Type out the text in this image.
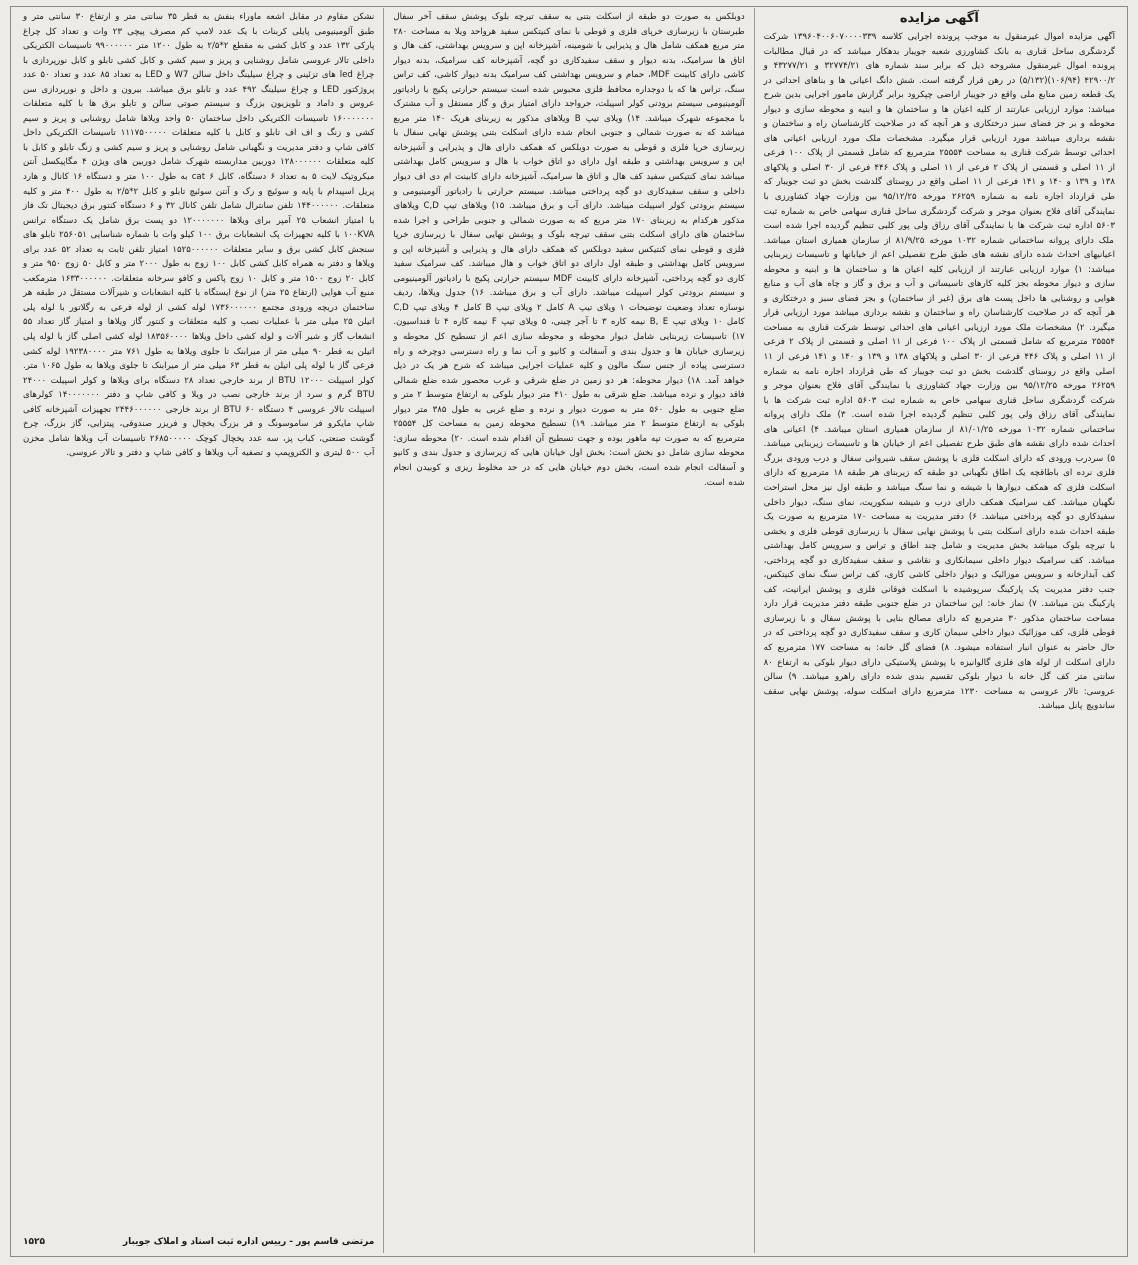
آگهی مزایده
آگهی مزایده اموال غیرمنقول به موجب پرونده اجرایی کلاسه ۱۳۹۶۰۴۰۰۶۰۷۰۰۰۰۳۳۹ شرکت گردشگری ساحل قناری به بانک کشاورزی شعبه جویبار بدهکار میباشد که در قبال مطالبات پرونده اموال غیرمنقول مشروحه ذیل که برابر سند شماره های ۳۲۷۷۴/۲۱ و ۴۳۲۷۷/۲۱ و ۴۲۹۰۰/۲ (۱۰۶/۹۴)(۵/۱۳۲) در رهن قرار گرفته است. شش دانگ اعیانی ها و بناهای احداثی در یک قطعه زمین منابع ملی واقع در جویبار اراضی چپکرود برابر گزارش مامور اجرایی بدین شرح میباشد: موارد ارزیابی عبارتند از کلیه اعیان ها و ساختمان ها و ابنیه و محوطه سازی و دیوار محوطه و بر جز فضای سبز درختکاری و هر آنچه که در صلاحیت کارشناسان راه و ساختمان و نقشه برداری میباشد مورد ارزیابی قرار میگیرد. مشخصات ملک مورد ارزیابی اعیانی های احداثی توسط شرکت قناری به مساحت ۲۵۵۵۴ مترمربع که شامل قسمتی از پلاک ۱۰۰ فرعی از ۱۱ اصلی و قسمتی از پلاک ۲ فرعی از ۱۱ اصلی و پلاک ۴۴۶ فرعی از ۳۰ اصلی و پلاکهای ۱۳۸ و ۱۳۹ و ۱۴۰ و ۱۴۱ فرعی از ۱۱ اصلی واقع در روستای گلدشت بخش دو ثبت جویبار که طی قرارداد اجاره نامه به شماره ۲۶۲۵۹ مورخه ۹۵/۱۲/۲۵ بین وزارت جهاد کشاورزی با نمایندگی آقای فلاح بعنوان موجر و شرکت گردشگری ساحل قناری سهامی خاص به شماره ثبت ۵۶۰۳ اداره ثبت شرکت ها با نمایندگی آقای رزاق ولی پور کلبی تنظیم گردیده اجرا شده است ملک دارای پروانه ساختمانی شماره ۱۰۳۲ مورخه ۸۱/۹/۲۵ از سازمان همیاری استان میباشد. اعیانیهای احداث شده دارای نقشه های طبق طرح تفصیلی اعم از خیابانها و تاسیسات زیربنایی میباشد: ۱) موارد ارزیابی عبارتند از ارزیابی کلیه اعیان ها و ساختمان ها و ابنیه و محوطه سازی و دیوار محوطه بجز کلیه کارهای تاسیساتی و آب و برق و گاز و چاه های آب و منابع هوایی و روشنایی ها داخل پست های برق (غیر از ساختمان) و بجز فضای سبز و درختکاری و هر آنچه که در صلاحیت کارشناسان راه و ساختمان و نقشه برداری میباشد مورد ارزیابی قرار میگیرد. ۲) مشخصات ملک مورد ارزیابی اعیانی های احداثی توسط شرکت قناری به مساحت ۲۵۵۵۴ مترمربع که شامل قسمتی از پلاک ۱۰۰ فرعی از ۱۱ اصلی و قسمتی از پلاک ۲ فرعی از ۱۱ اصلی و پلاک ۴۴۶ فرعی از ۳۰ اصلی و پلاکهای ۱۳۸ و ۱۳۹ و ۱۴۰ و ۱۴۱ فرعی از ۱۱ اصلی واقع در روستای گلدشت بخش دو ثبت جویبار که طی قرارداد اجاره نامه به شماره ۲۶۲۵۹ مورخه ۹۵/۱۲/۲۵ بین وزارت جهاد کشاورزی با نمایندگی آقای فلاح بعنوان موجر و شرکت گردشگری ساحل قناری سهامی خاص به شماره ثبت ۵۶۰۳ اداره ثبت شرکت ها با نمایندگی آقای رزاق ولی پور کلبی تنظیم گردیده اجرا شده است. ۳) ملک دارای پروانه ساختمانی شماره ۱۰۳۲ مورخه ۸۱/۰۱/۲۵ از سازمان همیاری استان میباشد. ۴) اعیانی های احداث شده دارای نقشه های طبق طرح تفصیلی اعم از خیابان ها و تاسیسات زیربنایی میباشد. ۵) سردرب ورودی که دارای اسکلت فلزی با پوشش سقف شیروانی سفال و درب ورودی بزرگ فلزی نرده ای باطاقچه یک اطاق نگهبانی دو طبقه که زیربنای هر طبقه ۱۸ مترمربع که دارای اسکلت فلزی که همکف دیوارها با شیشه و نما سنگ میباشد و طبقه اول نیز محل استراحت نگهبان میباشد. کف سرامیک همکف دارای درب و شیشه سکوریت، نمای سنگ، دیوار داخلی سفیدکاری دو گچه پرداختی میباشد. ۶) دفتر مدیریت به مساحت ۱۷۰ مترمربع به صورت یک طبقه احداث شده دارای اسکلت بتنی با پوشش نهایی سفال با زیرسازی قوطی فلزی و بخشی با تیرچه بلوک میباشد بخش مدیریت و شامل چند اطاق و تراس و سرویس کامل بهداشتی میباشد. کف سرامیک دیوار داخلی سیمانکاری و نقاشی و سقف سفیدکاری دو گچه پرداختی، کف آبدارخانه و سرویس موزائیک و دیوار داخلی کاشی کاری، کف تراس سنگ نمای کنیتکس، جنب دفتر مدیریت یک پارکینگ سرپوشیده با اسکلت فوقانی فلزی و پوشش ایرانیت، کف پارکینگ بتن میباشد. ۷) نماز خانه: این ساختمان در ضلع جنوبی طبقه دفتر مدیریت قرار دارد مساحت ساختمان مذکور ۳۰ مترمربع که دارای مصالح بنایی با پوشش سفال و با زیرسازی قوطی فلزی، کف موزائیک دیوار داخلی سیمان کاری و سقف سفیدکاری دو گچه پرداختی که در حال حاضر به عنوان انبار استفاده میشود. ۸) فضای گل خانه: به مساحت ۱۷۷ مترمربع که دارای اسکلت از لوله های فلزی گالوانیزه با پوشش پلاستیکی دارای دیوار بلوکی به ارتفاع ۸۰ سانتی متر کف گل خانه با دیوار بلوکی تقسیم بندی شده دارای راهرو میباشد. ۹) سالن عروسی: تالار عروسی به مساحت ۱۲۳۰ مترمربع دارای اسکلت سوله، پوشش نهایی سقف ساندویچ پانل میباشد.
دوبلکس به صورت دو طبقه از اسکلت بتنی به سقف تیرچه بلوک پوشش سقف آخر سفال طبرستان با زیرسازی خرپای فلزی و قوطی با نمای کنیتکس سفید هرواحد ویلا به مساحت ۲۸۰ متر مربع همکف شامل هال و پذیرایی با شومینه، آشپزخانه اپن و سرویس بهداشتی، کف هال و اتاق ها سرامیک، بدنه دیوار و سقف سفیدکاری دو گچه، آشپزخانه کف سرامیک، بدنه دیوار کاشی دارای کابینت MDF، حمام و سرویس بهداشتی کف سرامیک بدنه دیوار کاشی، کف تراس سنگ، تراس ها که با دوجداره محافظ فلزی محبوس شده است سیستم حرارتی پکیج با رادیاتور آلومینیومی سیستم برودتی کولر اسپیلت، حرواجد دارای امتیاز برق و گاز مستقل و آب مشترک با مجموعه شهرک میباشد. ۱۴) ویلای تیپ B ویلاهای مذکور به زیربنای هریک ۱۴۰ متر مربع میباشد که به صورت شمالی و جنوبی انجام شده دارای اسکلت بتنی پوشش نهایی سفال با زیرسازی خرپا فلزی و قوطی به صورت دوبلکس که همکف دارای هال و پذیرایی و آشپزخانه اپن و سرویس بهداشتی و طبقه اول دارای دو اتاق خواب با هال و سرویس کامل بهداشتی میباشد نمای کنتیکس سفید کف هال و اتاق ها سرامیک، آشپزخانه دارای کابینت ام دی اف دیوار داخلی و سقف سفیدکاری دو گچه پرداختی میباشد. سیستم حرارتی با رادیاتور آلومینیومی و سیستم برودتی کولر اسپیلت میباشد. دارای آب و برق میباشد. ۱۵) ویلاهای تیپ C,D ویلاهای مذکور هرکدام به زیربنای ۱۷۰ متر مربع که به صورت شمالی و جنوبی طراحی و اجرا شده ساختمان های دارای اسکلت بتنی سقف تیرچه بلوک و پوشش نهایی سفال با زیرسازی خرپا فلزی و قوطی نمای کنتیکس سفید دوبلکس که همکف دارای هال و پذیرایی و آشپزخانه اپن و سرویس کامل بهداشتی و طبقه اول دارای دو اتاق خواب و هال میباشد. کف سرامیک سفید کاری دو گچه پرداختی، آشپزخانه دارای کابینت MDF سیستم حرارتی پکیج با رادیاتور آلومینیومی و سیستم برودتی کولر اسپیلت میباشد. دارای آب و برق میباشد. ۱۶) جدول ویلاها، ردیف نوسازه تعداد وضعیت توضیحات ۱ ویلای تیپ A کامل ۲ ویلای تیپ B کامل ۴ ویلای تیپ C,D کامل ۱۰ ویلای تیپ B, E نیمه کاره ۳ تا آجر چینی، ۵ ویلای تیپ F نیمه کاره ۴ تا فنداسیون. ۱۷) تاسیسات زیربنایی شامل دیوار محوطه و محوطه سازی اعم از تسطیح کل محوطه و زیرسازی خیابان ها و جدول بندی و آسفالت و کانیو و آب نما و راه دسترسی دوچرخه و راه دسترسی پیاده از جنس سنگ مالون و کلیه عملیات اجرایی میباشد که شرح هر یک در ذیل خواهد آمد. ۱۸) دیوار محوطه: هر دو زمین در ضلع شرقی و غرب محصور شده ضلع شمالی فاقد دیوار و نرده میباشد. ضلع شرقی به طول ۴۱۰ متر دیوار بلوکی به ارتفاع متوسط ۲ متر و ضلع جنوبی به طول ۵۶۰ متر به صورت دیوار و نرده و ضلع غربی به طول ۳۸۵ متر دیوار بلوکی به ارتفاع متوسط ۲ متر میباشد. ۱۹) تسطیح محوطه زمین به مساحت کل ۲۵۵۵۴ مترمربع که به صورت تپه ماهور بوده و جهت تسطیح آن اقدام شده است. ۲۰) محوطه سازی: محوطه سازی شامل دو بخش است: بخش اول خیابان هایی که زیرسازی و جدول بندی و کانیو و آسفالت انجام شده است، بخش دوم خیابان هایی که در حد مخلوط ریزی و کوبیدن انجام شده است.
نشکن مقاوم در مقابل اشعه ماوراء بنفش به قطر ۳۵ سانتی متر و ارتفاع ۳۰ سانتی متر و طبق آلومینیومی پایلی کربنات با یک عدد لامپ کم مصرف پیچی ۲۳ وات و تعداد کل چراغ پارکی ۱۳۲ عدد و کابل کشی به مقطع ۲*۲/۵ به طول ۱۲۰۰ متر ۹۹۰۰۰۰۰۰ تاسیسات الکتریکی داخلی تالار عروسی شامل روشنایی و پریز و سیم کشی و کابل کشی تابلو و کابل نورپردازی با چراغ led های تزئینی و چراغ سیلینگ داخل سالن W7 و LED به تعداد ۸۵ عدد و تعداد ۵۰ عدد پروژکتور LED و چراغ سیلینگ ۴۹۲ عدد و تابلو برق میباشد. بیرون و داخل و نورپردازی سن عروس و داماد و تلویزیون بزرگ و سیستم صوتی سالن و تابلو برق ها با کلیه متعلقات ۱۶۰۰۰۰۰۰۰ تاسیسات الکتریکی داخل ساختمان ۵۰ واحد ویلاها شامل روشنایی و پریز و سیم کشی و زنگ و اف اف تابلو و کابل با کلیه متعلقات ۱۱۱۷۵۰۰۰۰۰ تاسیسات الکتریکی داخل کافی شاپ و دفتر مدیریت و نگهبانی شامل روشنایی و پریز و سیم کشی و زنگ تابلو و کابل با کلیه متعلقات ۱۲۸۰۰۰۰۰۰ دوربین مداربسته شهرک شامل دوربین های ویژن ۴ مگاپیکسل آنتن میکروتیک لایت ۵ به تعداد ۶ دستگاه، کابل ۶ cat به طول ۱۰۰ متر و دستگاه ۱۶ کانال و هارد پریل اسپیدام با پایه و سوئیچ و رک و آنتن سوئیچ تابلو و کابل ۲*۲/۵ به طول ۴۰۰ متر و کلیه متعلقات. ۱۴۴۰۰۰۰۰۰ تلفن سانترال شامل تلفن کانال ۳۲ و ۶ دستگاه کنتور برق دیجیتال تک فاز با امتیاز انشعاب ۲۵ آمپر برای ویلاها ۱۲۰۰۰۰۰۰۰ دو پست برق شامل یک دستگاه ترانس ۱۰۰KVA با کلیه تجهیزات پک انشعابات برق ۱۰۰ کیلو وات با شماره شناسایی ۲۵۶۰۵۱ تابلو های سنجش کابل کشی برق و سایر متعلقات ۱۵۲۵۰۰۰۰۰۰ امتیاز تلفن ثابت به تعداد ۵۲ عدد برای ویلاها و دفتر به همراه کابل کشی کابل ۱۰۰ زوج به طول ۲۰۰۰ متر و کابل ۵۰ زوج ۹۵۰ متر و کابل ۲۰ زوج ۱۵۰۰ متر و کابل ۱۰ زوج پاکس و کافو سرخانه متعلقات. ۱۶۳۳۰۰۰۰۰۰ مترمکعب منبع آب هوایی (ارتفاع ۲۵ متر) از نوع ایستگاه با کلیه انشعابات و شیرآلات مستقل در طبقه هر ساختمان دریچه ورودی مجتمع ۱۷۳۶۰۰۰۰۰۰ لوله کشی از لوله فرعی به رگلاتور با لوله پلی اتیلن ۲۵ میلی متر با عملیات نصب و کلیه متعلقات و کنتور گاز ویلاها و امتیاز گاز تعداد ۵۵ انشعاب گاز و شیر آلات و لوله کشی داخل ویلاها ۱۸۳۵۶۰۰۰۰ لوله کشی اصلی گاز با لوله پلی اتیلن به قطر ۹۰ میلی متر از میرابنک تا جلوی ویلاها به طول ۷۶۱ متر ۱۹۲۳۸۰۰۰۰ لوله کشی فرعی گاز با لوله پلی اتیلن به قطر ۶۳ میلی متر از میرابنک تا جلوی ویلاها به طول ۱۰۶۵ متر. کولر اسپیلت ۱۲۰۰۰ BTU از برند خارجی تعداد ۲۸ دستگاه برای ویلاها و کولر اسپیلت ۲۴۰۰۰ BTU گرم و سرد از برند خارجی نصب در ویلا و کافی شاپ و دفتر ۱۴۰۰۰۰۰۰۰ کولرهای اسپیلت تالار عروسی ۴ دستگاه ۶۰ BTU از برند خارجی ۲۴۴۶۰۰۰۰۰۰ تجهیزات آشپزخانه کافی شاپ مایکرو فر ساموسونگ و فر بزرگ یخچال و فریزر صندوقی، پیتزایی، گاز بزرگ، چرخ گوشت صنعتی، کباب پز، سه عدد یخچال کوچک ۲۶۸۵۰۰۰۰۰ تاسیسات آب ویلاها شامل مخزن آب ۵۰۰ لیتری و الکتروپمپ و تصفیه آب ویلاها و کافی شاپ و دفتر و تالار عروسی.
مرتضی قاسم پور - رییس اداره ثبت اسناد و املاک جویبار
۱۵۲۵
